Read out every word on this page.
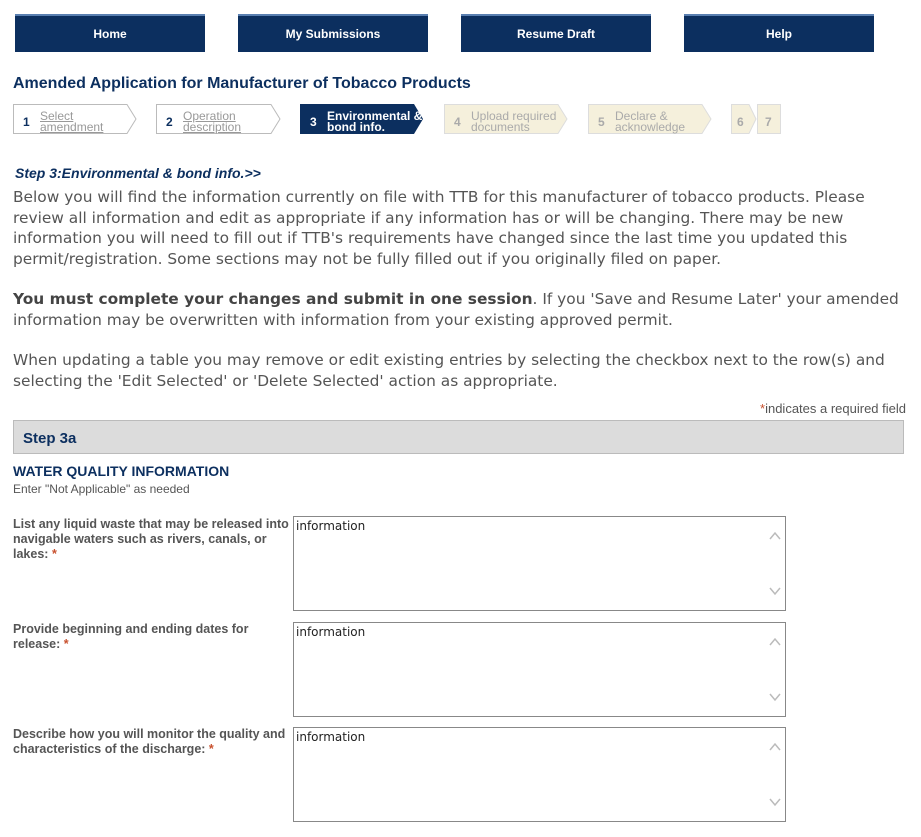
Home	My Submissions	Resume Draft	Help
Amended Application for Manufacturer of Tobacco Products
1 Select
amendment	2 Operation
description	3 Environmental &
bond info.	4 Upload required
documents	5 Declare &
acknowledge	6 7
Step 3:Environmental & bond info.>>
Below you will find the information currently on file with TTB for this manufacturer of tobacco products. Please review all information and edit as appropriate if any information has or will be changing. There may be new information you will need to fill out if TTB's requirements have changed since the last time you updated this permit/registration. Some sections may not be fully filled out if you originally filed on paper.
You must complete your changes and submit in one session. If you 'Save and Resume Later' your amended information may be overwritten with information from your existing approved permit.
When updating a table you may remove or edit existing entries by selecting the checkbox next to the row(s) and selecting the 'Edit Selected' or 'Delete Selected' action as appropriate.
*indicates a required field
Step 3a
WATER QUALITY INFORMATION
Enter "Not Applicable" as needed
List any liquid waste that may be released into navigable waters such as rivers, canals, or lakes: *
information
Provide beginning and ending dates for release: *
information
Describe how you will monitor the quality and characteristics of the discharge: *
information
